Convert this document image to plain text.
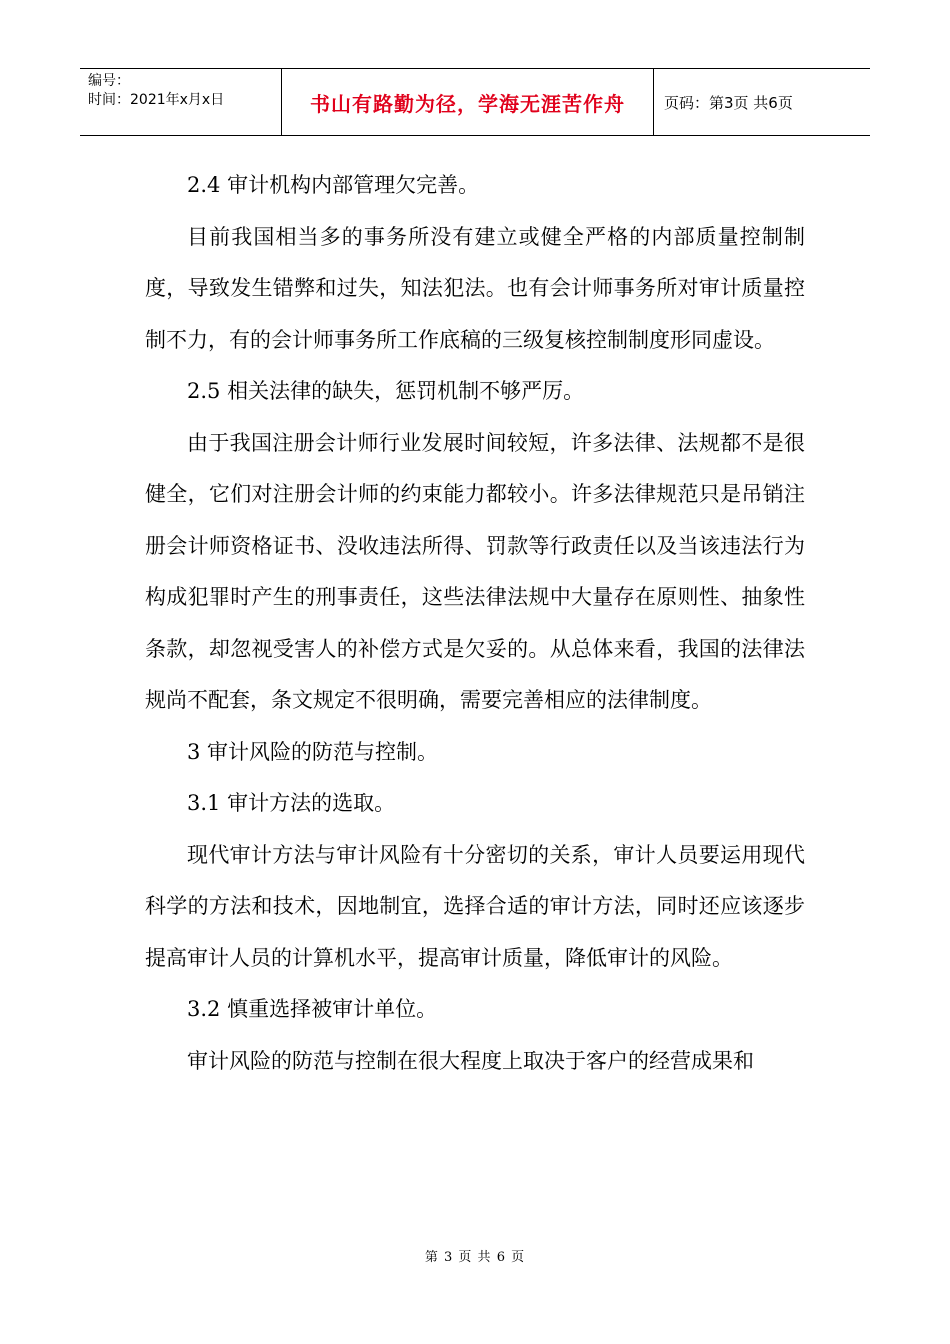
编号：
时间：2021年x月x日	书山有路勤为径，学海无涯苦作舟	页码：第3页 共6页

2.4 审计机构内部管理欠完善。

目前我国相当多的事务所没有建立或健全严格的内部质量控制制度，导致发生错弊和过失，知法犯法。也有会计师事务所对审计质量控制不力，有的会计师事务所工作底稿的三级复核控制制度形同虚设。

2.5 相关法律的缺失，惩罚机制不够严厉。

由于我国注册会计师行业发展时间较短，许多法律、法规都不是很健全，它们对注册会计师的约束能力都较小。许多法律规范只是吊销注册会计师资格证书、没收违法所得、罚款等行政责任以及当该违法行为构成犯罪时产生的刑事责任，这些法律法规中大量存在原则性、抽象性条款，却忽视受害人的补偿方式是欠妥的。从总体来看，我国的法律法规尚不配套，条文规定不很明确，需要完善相应的法律制度。

3 审计风险的防范与控制。

3.1 审计方法的选取。

现代审计方法与审计风险有十分密切的关系，审计人员要运用现代科学的方法和技术，因地制宜，选择合适的审计方法，同时还应该逐步提高审计人员的计算机水平，提高审计质量，降低审计的风险。

3.2 慎重选择被审计单位。

审计风险的防范与控制在很大程度上取决于客户的经营成果和

第 3 页 共 6 页
